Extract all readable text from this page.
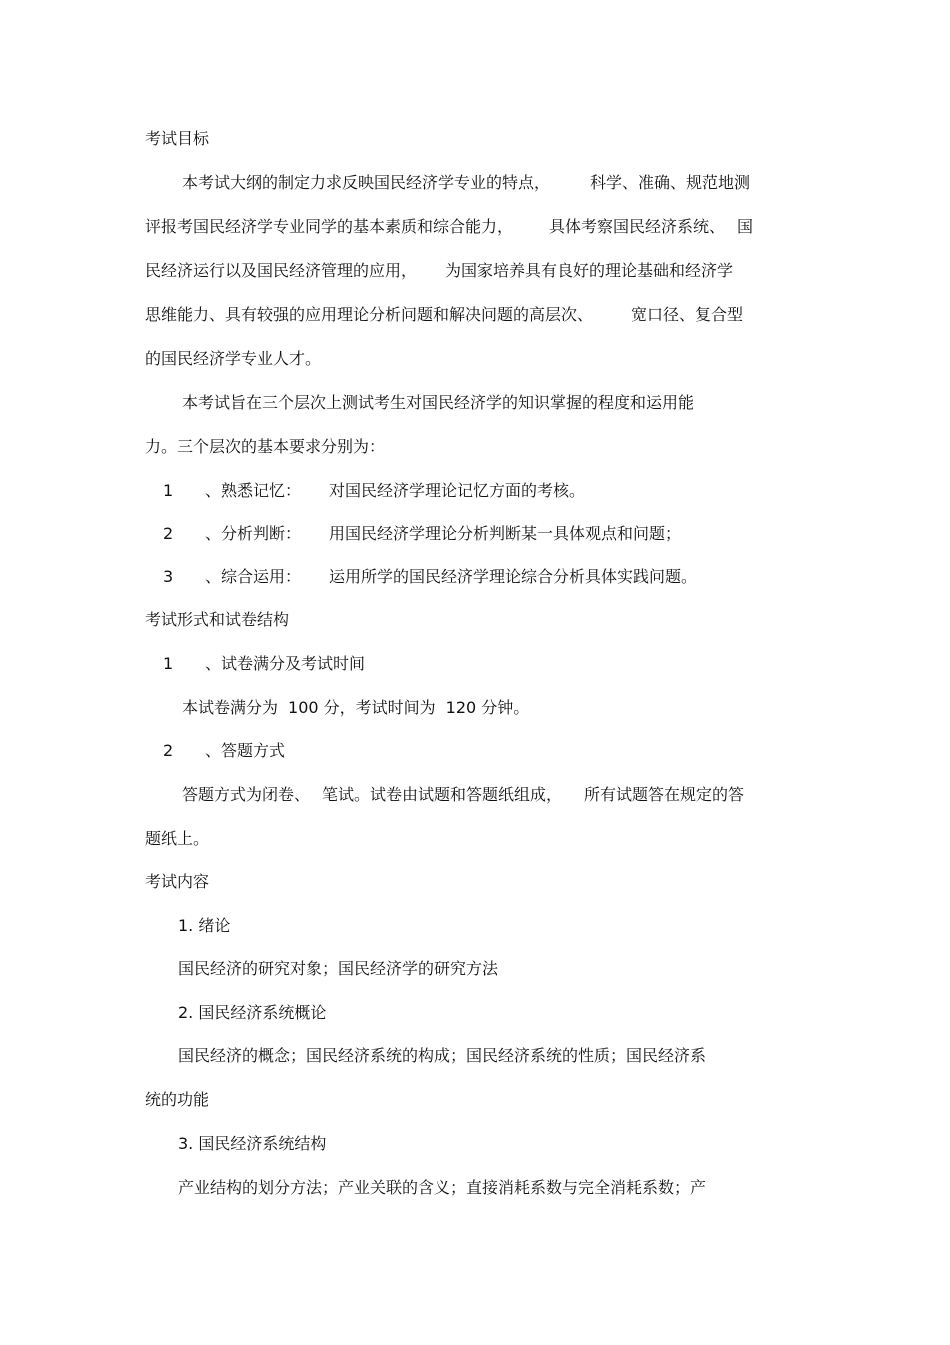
考试目标
本考试大纲的制定力求反映国民经济学专业的特点，	科学、准确、规范地测
评报考国民经济学专业同学的基本素质和综合能力， 具体考察国民经济系统、 国
民经济运行以及国民经济管理的应用， 为国家培养具有良好的理论基础和经济学
思维能力、具有较强的应用理论分析问题和解决问题的高层次、 宽口径、复合型
的国民经济学专业人才。
本考试旨在三个层次上测试考生对国民经济学的知识掌握的程度和运用能
力。三个层次的基本要求分别为：
1 、熟悉记忆： 对国民经济学理论记忆方面的考核。
2 、分析判断： 用国民经济学理论分析判断某一具体观点和问题；
3 、综合运用： 运用所学的国民经济学理论综合分析具体实践问题。
考试形式和试卷结构
1 、试卷满分及考试时间
本试卷满分为 100 分，考试时间为 120 分钟。
2 、答题方式
答题方式为闭卷、 笔试。试卷由试题和答题纸组成， 所有试题答在规定的答
题纸上。
考试内容
1. 绪论
国民经济的研究对象；国民经济学的研究方法
2. 国民经济系统概论
国民经济的概念；国民经济系统的构成；国民经济系统的性质；国民经济系
统的功能
3. 国民经济系统结构
产业结构的划分方法；产业关联的含义；直接消耗系数与完全消耗系数；产
